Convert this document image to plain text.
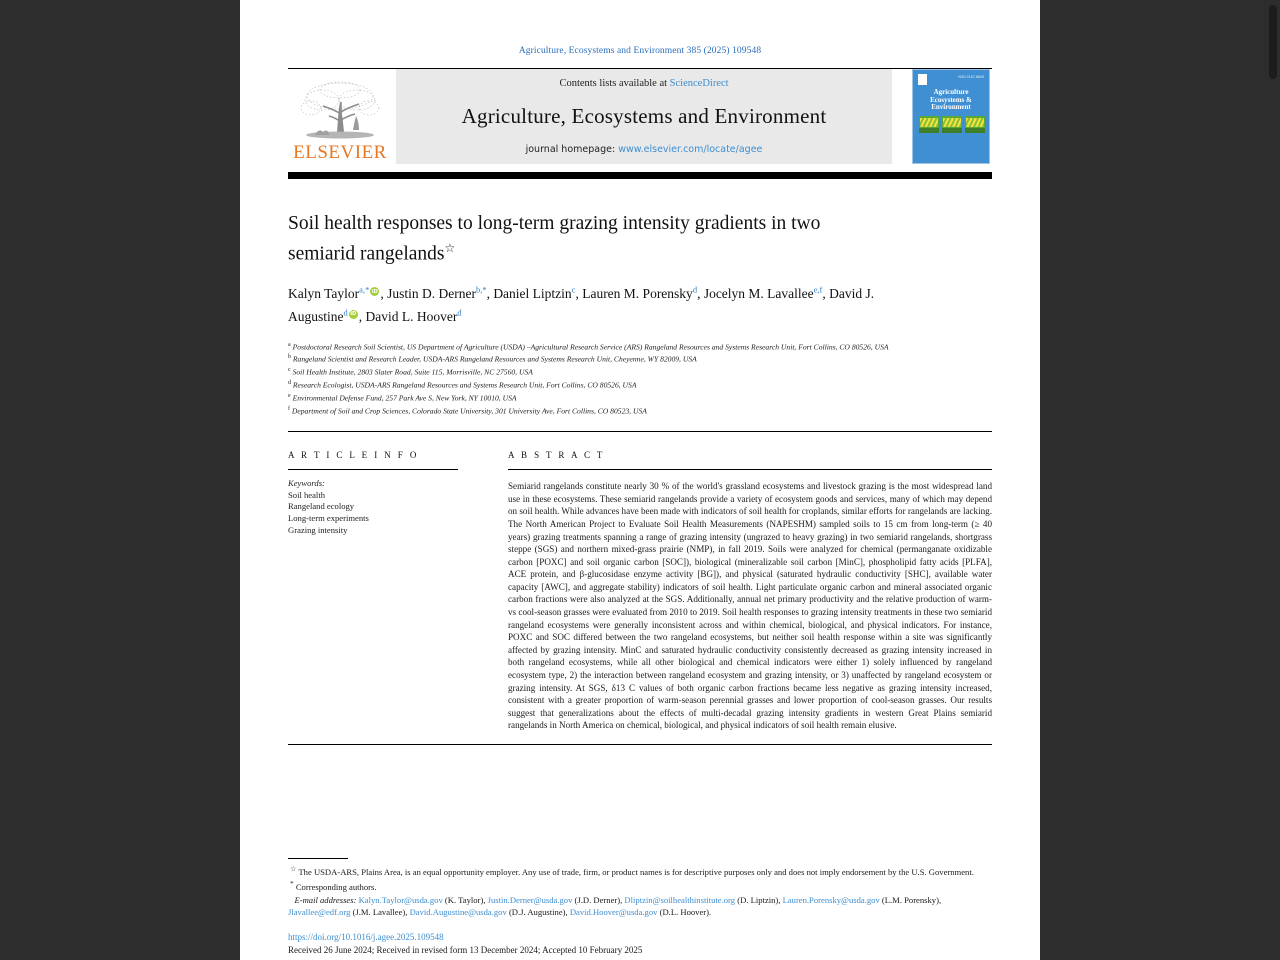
Agriculture, Ecosystems and Environment 385 (2025) 109548
ELSEVIER
Contents lists available at ScienceDirect
Agriculture, Ecosystems and Environment
journal homepage: www.elsevier.com/locate/agee
ISSN 0167-8809
Agriculture
Ecosystems &
Environment
Soil health responses to long-term grazing intensity gradients in two semiarid rangelands☆
Kalyn Taylor$^{a,*}$ iD , Justin D. Derner$^{b,*}$, Daniel Liptzin$^c$, Lauren M. Porensky$^d$, Jocelyn M. Lavallee$^{e,f}$, David J. Augustine$^d$ iD , David L. Hoover$^d$
$^a$ Postdoctoral Research Soil Scientist, US Department of Agriculture (USDA) –Agricultural Research Service (ARS) Rangeland Resources and Systems Research Unit, Fort Collins, CO 80526, USA
$^b$ Rangeland Scientist and Research Leader, USDA-ARS Rangeland Resources and Systems Research Unit, Cheyenne, WY 82009, USA
$^c$ Soil Health Institute, 2803 Slater Road, Suite 115, Morrisville, NC 27560, USA
$^d$ Research Ecologist, USDA-ARS Rangeland Resources and Systems Research Unit, Fort Collins, CO 80526, USA
$^e$ Environmental Defense Fund, 257 Park Ave S, New York, NY 10010, USA
$^f$ Department of Soil and Crop Sciences, Colorado State University, 301 University Ave, Fort Collins, CO 80523, USA
A R T I C L E I N F O
Keywords:
Soil health
Rangeland ecology
Long-term experiments
Grazing intensity
A B S T R A C T
Semiarid rangelands constitute nearly 30 % of the world's grassland ecosystems and livestock grazing is the most widespread land use in these ecosystems. These semiarid rangelands provide a variety of ecosystem goods and services, many of which may depend on soil health. While advances have been made with indicators of soil health for croplands, similar efforts for rangelands are lacking. The North American Project to Evaluate Soil Health Measurements (NAPESHM) sampled soils to 15 cm from long-term (≥ 40 years) grazing treatments spanning a range of grazing intensity (ungrazed to heavy grazing) in two semiarid rangelands, shortgrass steppe (SGS) and northern mixed-grass prairie (NMP), in fall 2019. Soils were analyzed for chemical (permanganate oxidizable carbon [POXC] and soil organic carbon [SOC]), biological (mineralizable soil carbon [MinC], phospholipid fatty acids [PLFA], ACE protein, and β-glucosidase enzyme activity [BG]), and physical (saturated hydraulic conductivity [SHC], available water capacity [AWC], and aggregate stability) indicators of soil health. Light particulate organic carbon and mineral associated organic carbon fractions were also analyzed at the SGS. Additionally, annual net primary productivity and the relative production of warm-vs cool-season grasses were evaluated from 2010 to 2019. Soil health responses to grazing intensity treatments in these two semiarid rangeland ecosystems were generally inconsistent across and within chemical, biological, and physical indicators. For instance, POXC and SOC differed between the two rangeland ecosystems, but neither soil health response within a site was significantly affected by grazing intensity. MinC and saturated hydraulic conductivity consistently decreased as grazing intensity increased in both rangeland ecosystems, while all other biological and chemical indicators were either 1) solely influenced by rangeland ecosystem type, 2) the interaction between rangeland ecosystem and grazing intensity, or 3) unaffected by rangeland ecosystem or grazing intensity. At SGS, δ13 C values of both organic carbon fractions became less negative as grazing intensity increased, consistent with a greater proportion of warm-season perennial grasses and lower proportion of cool-season grasses. Our results suggest that generalizations about the effects of multi-decadal grazing intensity gradients in western Great Plains semiarid rangelands in North America on chemical, biological, and physical indicators of soil health remain elusive.
☆ The USDA-ARS, Plains Area, is an equal opportunity employer. Any use of trade, firm, or product names is for descriptive purposes only and does not imply endorsement by the U.S. Government.
* Corresponding authors.
E-mail addresses: Kalyn.Taylor@usda.gov (K. Taylor), Justin.Derner@usda.gov (J.D. Derner), Dliptzin@soilhealthinstitute.org (D. Liptzin), Lauren.Porensky@usda.gov (L.M. Porensky), Jlavallee@edf.org (J.M. Lavallee), David.Augustine@usda.gov (D.J. Augustine), David.Hoover@usda.gov (D.L. Hoover).
https://doi.org/10.1016/j.agee.2025.109548
Received 26 June 2024; Received in revised form 13 December 2024; Accepted 10 February 2025
